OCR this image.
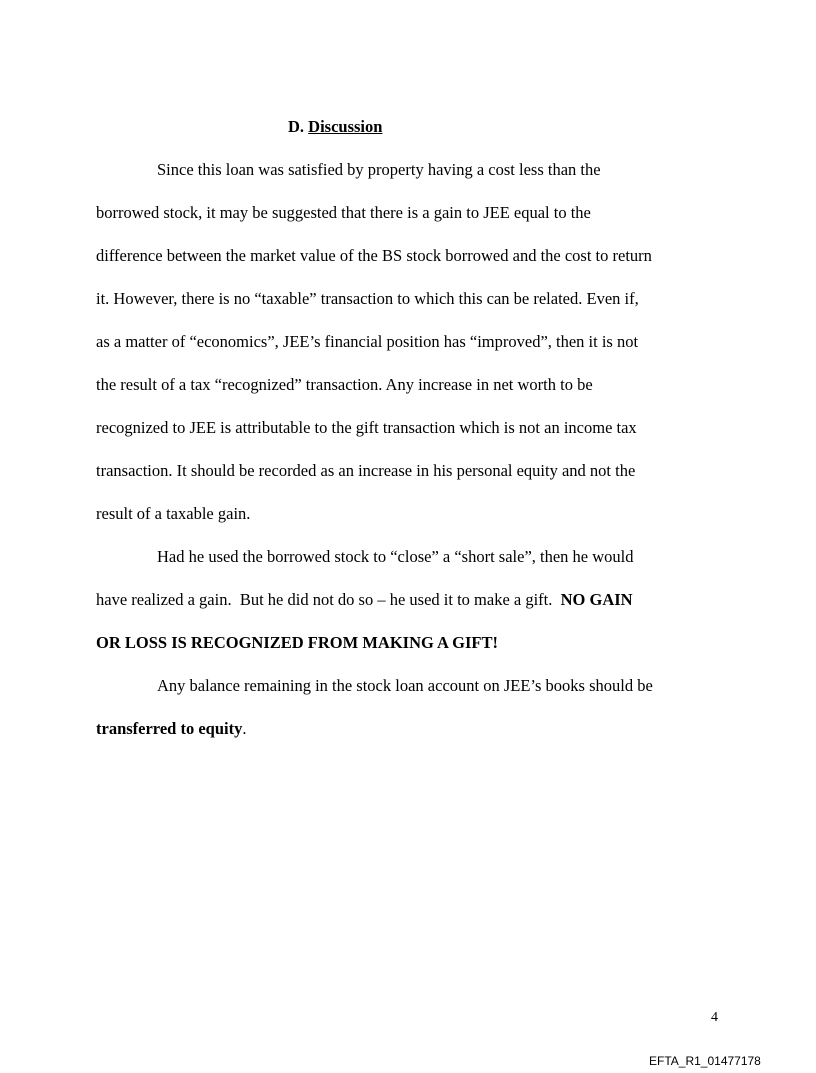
D. Discussion
Since this loan was satisfied by property having a cost less than the
borrowed stock, it may be suggested that there is a gain to JEE equal to the
difference between the market value of the BS stock borrowed and the cost to return
it. However, there is no “taxable” transaction to which this can be related. Even if,
as a matter of “economics”, JEE’s financial position has “improved”, then it is not
the result of a tax “recognized” transaction. Any increase in net worth to be
recognized to JEE is attributable to the gift transaction which is not an income tax
transaction. It should be recorded as an increase in his personal equity and not the
result of a taxable gain.
Had he used the borrowed stock to “close” a “short sale”, then he would
have realized a gain.  But he did not do so – he used it to make a gift.  NO GAIN
OR LOSS IS RECOGNIZED FROM MAKING A GIFT!
Any balance remaining in the stock loan account on JEE’s books should be
transferred to equity.
4
EFTA_R1_01477178
